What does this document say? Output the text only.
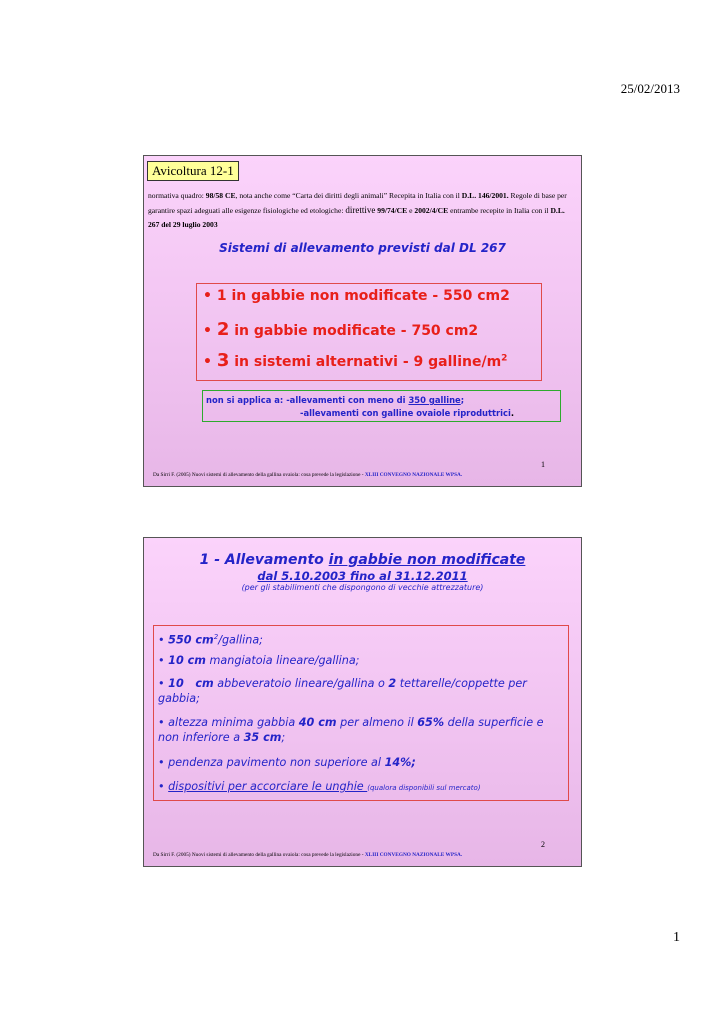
25/02/2013
Avicoltura 12-1
normativa quadro: 98/58 CE, nota anche come “Carta dei diritti degli animali” Recepita in Italia con il D.L. 146/2001. Regole di base per garantire spazi adeguati alle esigenze fisiologiche ed etologiche: direttive 99/74/CE e 2002/4/CE entrambe recepite in Italia con il D.L. 267 del 29 luglio 2003
Sistemi di allevamento previsti dal DL 267
• 1 in gabbie non modificate - 550 cm2
• 2 in gabbie modificate - 750 cm2
• 3 in sistemi alternativi - 9 galline/$m^2$
non si applica a: -allevamenti con meno di 350 galline;
-allevamenti con galline ovaiole riproduttrici.
1
Da Sirri F. (2005) Nuovi sistemi di allevamento della gallina ovaiola: cosa prevede la legislazione - XLIII CONVEGNO NAZIONALE WPSA.
1 - Allevamento in gabbie non modificate
dal 5.10.2003 fino al 31.12.2011
(per gli stabilimenti che dispongono di vecchie attrezzature)
• 550 $cm^2$/gallina;
• 10 cm mangiatoia lineare/gallina;
• 10   cm abbeveratoio lineare/gallina o 2 tettarelle/coppette per gabbia;
• altezza minima gabbia 40 cm per almeno il 65% della superficie e non inferiore a 35 cm;
• pendenza pavimento non superiore al 14%;
• dispositivi per accorciare le unghie (qualora disponibili sul mercato)
2
Da Sirri F. (2005) Nuovi sistemi di allevamento della gallina ovaiola: cosa prevede la legislazione - XLIII CONVEGNO NAZIONALE WPSA.
1
